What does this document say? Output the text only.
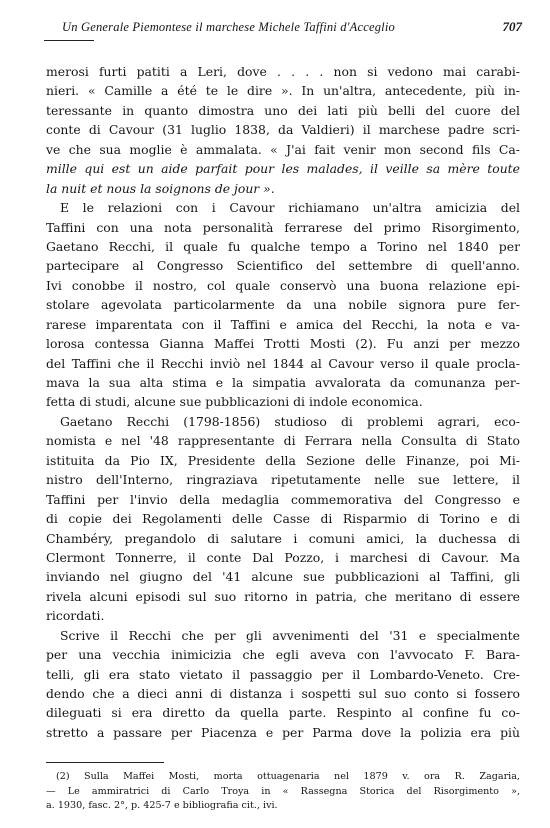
Un Generale Piemontese il marchese Michele Taffini d'Acceglio	707
merosi furti patiti a Leri, dove . . . . non si vedono mai carabi-
nieri. « Camille a été te le dire ». In un'altra, antecedente, più in-
teressante in quanto dimostra uno dei lati più belli del cuore del
conte di Cavour (31 luglio 1838, da Valdieri) il marchese padre scri-
ve che sua moglie è ammalata. « J'ai fait venir mon second fils Ca-
mille qui est un aide parfait pour les malades, il veille sa mère toute
la nuit et nous la soignons de jour ».
E le relazioni con i Cavour richiamano un'altra amicizia del
Taffini con una nota personalità ferrarese del primo Risorgimento,
Gaetano Recchi, il quale fu qualche tempo a Torino nel 1840 per
partecipare al Congresso Scientifico del settembre di quell'anno.
Ivi conobbe il nostro, col quale conservò una buona relazione epi-
stolare agevolata particolarmente da una nobile signora pure fer-
rarese imparentata con il Taffini e amica del Recchi, la nota e va-
lorosa contessa Gianna Maffei Trotti Mosti (2). Fu anzi per mezzo
del Taffini che il Recchi inviò nel 1844 al Cavour verso il quale procla-
mava la sua alta stima e la simpatia avvalorata da comunanza per-
fetta di studi, alcune sue pubblicazioni di indole economica.
Gaetano Recchi (1798-1856) studioso di problemi agrari, eco-
nomista e nel '48 rappresentante di Ferrara nella Consulta di Stato
istituita da Pio IX, Presidente della Sezione delle Finanze, poi Mi-
nistro dell'Interno, ringraziava ripetutamente nelle sue lettere, il
Taffini per l'invio della medaglia commemorativa del Congresso e
di copie dei Regolamenti delle Casse di Risparmio di Torino e di
Chambéry, pregandolo di salutare i comuni amici, la duchessa di
Clermont Tonnerre, il conte Dal Pozzo, i marchesi di Cavour. Ma
inviando nel giugno del '41 alcune sue pubblicazioni al Taffini, gli
rivela alcuni episodi sul suo ritorno in patria, che meritano di essere
ricordati.
Scrive il Recchi che per gli avvenimenti del '31 e specialmente
per una vecchia inimicizia che egli aveva con l'avvocato F. Bara-
telli, gli era stato vietato il passaggio per il Lombardo-Veneto. Cre-
dendo che a dieci anni di distanza i sospetti sul suo conto si fossero
dileguati si era diretto da quella parte. Respinto al confine fu co-
stretto a passare per Piacenza e per Parma dove la polizia era più
(2) Sulla Maffei Mosti, morta ottuagenaria nel 1879 v. ora R. Zagaria,
— Le ammiratrici di Carlo Troya in « Rassegna Storica del Risorgimento »,
a. 1930, fasc. 2°, p. 425-7 e bibliografia cit., ivi.
